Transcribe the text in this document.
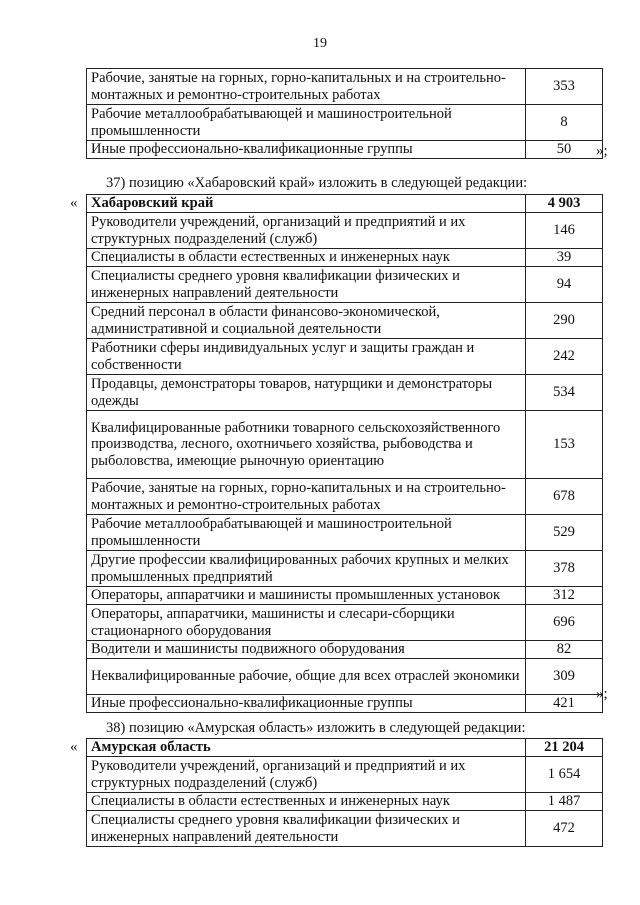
19
Рабочие, занятые на горных, горно-капитальных и на строительно-монтажных и ремонтно-строительных работах	353
Рабочие металлообрабатывающей и машиностроительной промышленности	8
Иные профессионально-квалификационные группы	50 »;
37) позицию «Хабаровский край» изложить в следующей редакции:
« Хабаровский край	4 903
Руководители учреждений, организаций и предприятий и их структурных подразделений (служб)	146
Специалисты в области естественных и инженерных наук	39
Специалисты среднего уровня квалификации физических и инженерных направлений деятельности	94
Средний персонал в области финансово-экономической, административной и социальной деятельности	290
Работники сферы индивидуальных услуг и защиты граждан и собственности	242
Продавцы, демонстраторы товаров, натурщики и демонстраторы одежды	534
Квалифицированные работники товарного сельскохозяйственного производства, лесного, охотничьего хозяйства, рыбоводства и рыболовства, имеющие рыночную ориентацию	153
Рабочие, занятые на горных, горно-капитальных и на строительно-монтажных и ремонтно-строительных работах	678
Рабочие металлообрабатывающей и машиностроительной промышленности	529
Другие профессии квалифицированных рабочих крупных и мелких промышленных предприятий	378
Операторы, аппаратчики и машинисты промышленных установок	312
Операторы, аппаратчики, машинисты и слесари-сборщики стационарного оборудования	696
Водители и машинисты подвижного оборудования	82
Неквалифицированные рабочие, общие для всех отраслей экономики	309
Иные профессионально-квалификационные группы	421
»;
38) позицию «Амурская область» изложить в следующей редакции:
« Амурская область	21 204
Руководители учреждений, организаций и предприятий и их структурных подразделений (служб)	1 654
Специалисты в области естественных и инженерных наук	1 487
Специалисты среднего уровня квалификации физических и инженерных направлений деятельности	472
